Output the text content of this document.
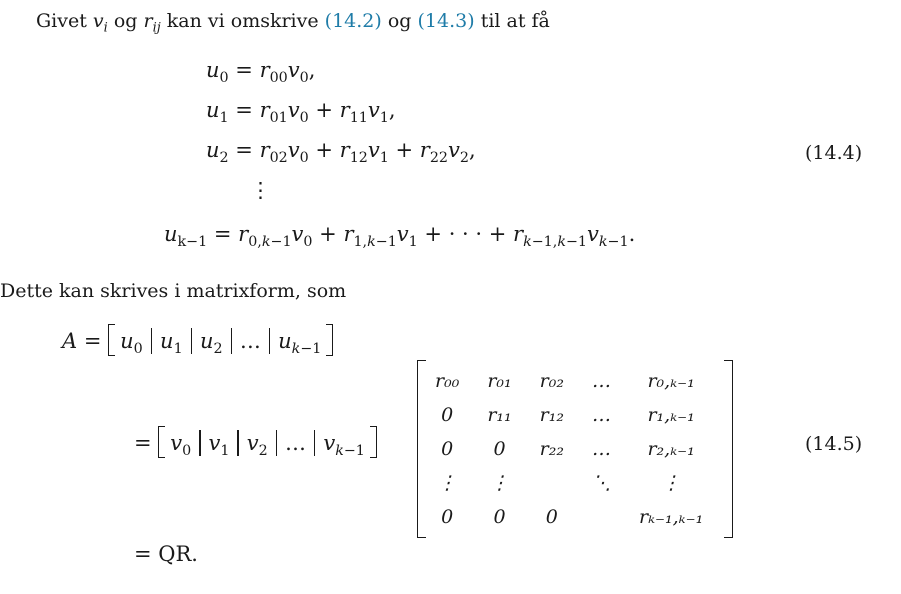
Givet $v_i$ og $r_{ij}$ kan vi omskrive (14.2) og (14.3) til at få
$u_0 = r_{00}v_0$,
$u_1 = r_{01}v_0 + r_{11}v_1$,
$u_2 = r_{02}v_0 + r_{12}v_1 + r_{22}v_2$,	(14.4)
⋮
$u_{k-1} = r_{0,k-1}v_0 + r_{1,k-1}v_1$ + · · · + $r_{k-1,k-1}v_{k-1}$.
Dette kan skrives i matrixform, som
$A = u_0$ $u_1$ $u_2$ … $u_{k-1}$
= $v_0$ $v_1$ $v_2$ … $v_{k-1}$
r₀₀	r₀₁	r₀₂	…	r₀,ₖ₋₁
0	r₁₁	r₁₂	…	r₁,ₖ₋₁
0	0	r₂₂	…	r₂,ₖ₋₁
⋮	⋮		⋱	⋮
0	0	0		rₖ₋₁,ₖ₋₁
(14.5)
= QR.
